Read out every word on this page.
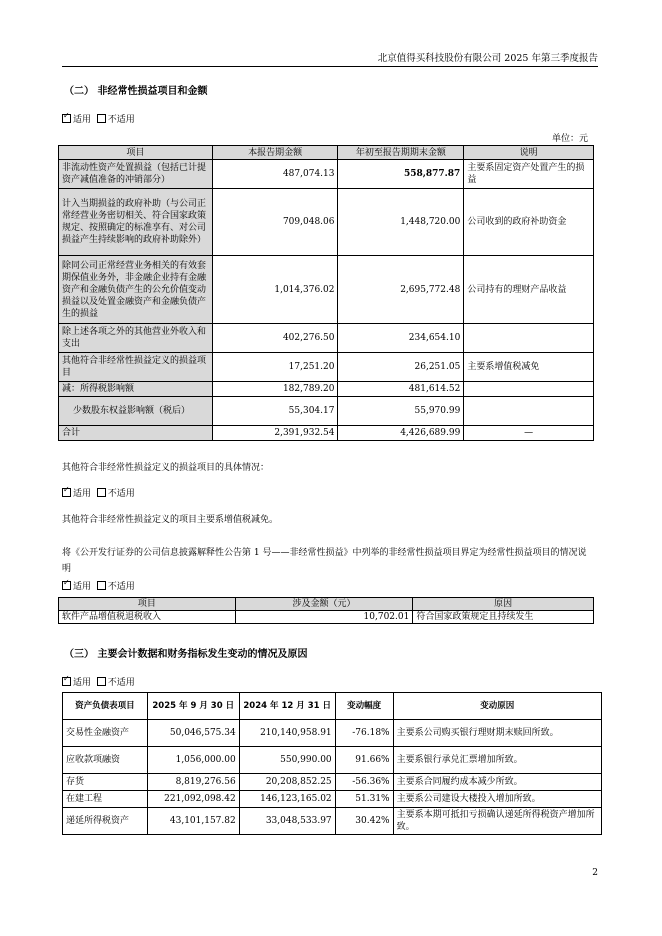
北京值得买科技股份有限公司 2025 年第三季度报告
（二） 非经常性损益项目和金额
✓适用 不适用
单位：元
项目	本报告期金额	年初至报告期期末金额	说明
非流动性资产处置损益（包括已计提资产减值准备的冲销部分）	487,074.13	558,877.87	主要系固定资产处置产生的损益
计入当期损益的政府补助（与公司正常经营业务密切相关、符合国家政策规定、按照确定的标准享有、对公司损益产生持续影响的政府补助除外）	709,048.06	1,448,720.00	公司收到的政府补助资金
除同公司正常经营业务相关的有效套期保值业务外，非金融企业持有金融资产和金融负债产生的公允价值变动损益以及处置金融资产和金融负债产生的损益	1,014,376.02	2,695,772.48	公司持有的理财产品收益
除上述各项之外的其他营业外收入和支出	402,276.50	234,654.10	
其他符合非经常性损益定义的损益项目	17,251.20	26,251.05	主要系增值税减免
减：所得税影响额	182,789.20	481,614.52	
少数股东权益影响额（税后）	55,304.17	55,970.99	
合计	2,391,932.54	4,426,689.99	—
其他符合非经常性损益定义的损益项目的具体情况：
✓适用 不适用
其他符合非经常性损益定义的项目主要系增值税减免。
将《公开发行证券的公司信息披露解释性公告第 1 号——非经常性损益》中列举的非经常性损益项目界定为经常性损益项目的情况说明
✓适用 不适用
项目	涉及金额（元）	原因
软件产品增值税退税收入	10,702.01	符合国家政策规定且持续发生
（三） 主要会计数据和财务指标发生变动的情况及原因
✓适用 不适用
资产负债表项目	2025 年 9 月 30 日	2024 年 12 月 31 日	变动幅度	变动原因
交易性金融资产	50,046,575.34	210,140,958.91	-76.18%	主要系公司购买银行理财期末赎回所致。
应收款项融资	1,056,000.00	550,990.00	91.66%	主要系银行承兑汇票增加所致。
存货	8,819,276.56	20,208,852.25	-56.36%	主要系合同履约成本减少所致。
在建工程	221,092,098.42	146,123,165.02	51.31%	主要系公司建设大楼投入增加所致。
递延所得税资产	43,101,157.82	33,048,533.97	30.42%	主要系本期可抵扣亏损确认递延所得税资产增加所致。
2
